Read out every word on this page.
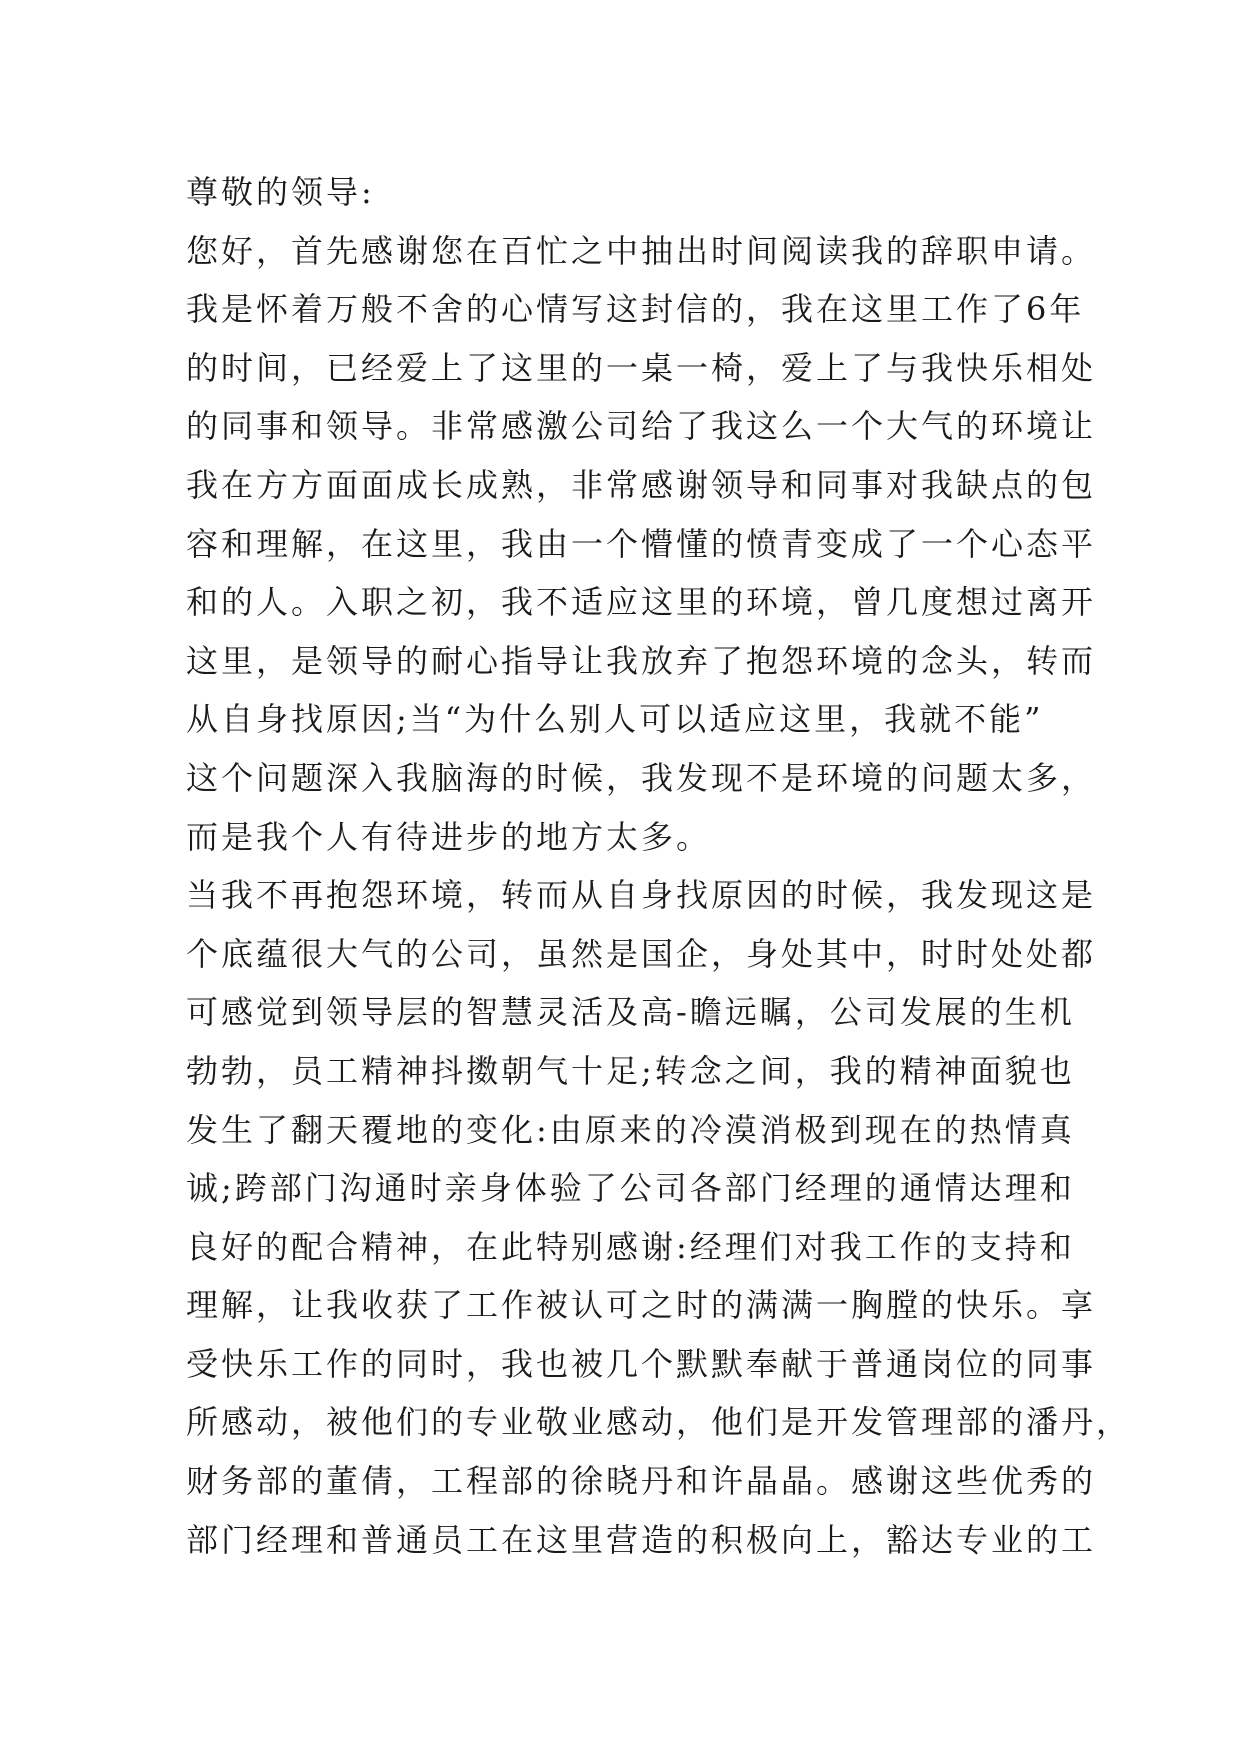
尊敬的领导:
您好，首先感谢您在百忙之中抽出时间阅读我的辞职申请。
我是怀着万般不舍的心情写这封信的，我在这里工作了6年
的时间，已经爱上了这里的一桌一椅，爱上了与我快乐相处
的同事和领导。非常感激公司给了我这么一个大气的环境让
我在方方面面成长成熟，非常感谢领导和同事对我缺点的包
容和理解，在这里，我由一个懵懂的愤青变成了一个心态平
和的人。入职之初，我不适应这里的环境，曾几度想过离开
这里，是领导的耐心指导让我放弃了抱怨环境的念头，转而
从自身找原因;当“为什么别人可以适应这里，我就不能”
这个问题深入我脑海的时候，我发现不是环境的问题太多，
而是我个人有待进步的地方太多。
当我不再抱怨环境，转而从自身找原因的时候，我发现这是
个底蕴很大气的公司，虽然是国企，身处其中，时时处处都
可感觉到领导层的智慧灵活及高-瞻远瞩，公司发展的生机
勃勃，员工精神抖擞朝气十足;转念之间，我的精神面貌也
发生了翻天覆地的变化:由原来的冷漠消极到现在的热情真
诚;跨部门沟通时亲身体验了公司各部门经理的通情达理和
良好的配合精神，在此特别感谢:经理们对我工作的支持和
理解，让我收获了工作被认可之时的满满一胸膛的快乐。享
受快乐工作的同时，我也被几个默默奉献于普通岗位的同事
所感动，被他们的专业敬业感动，他们是开发管理部的潘丹，
财务部的董倩，工程部的徐晓丹和许晶晶。感谢这些优秀的
部门经理和普通员工在这里营造的积极向上，豁达专业的工
